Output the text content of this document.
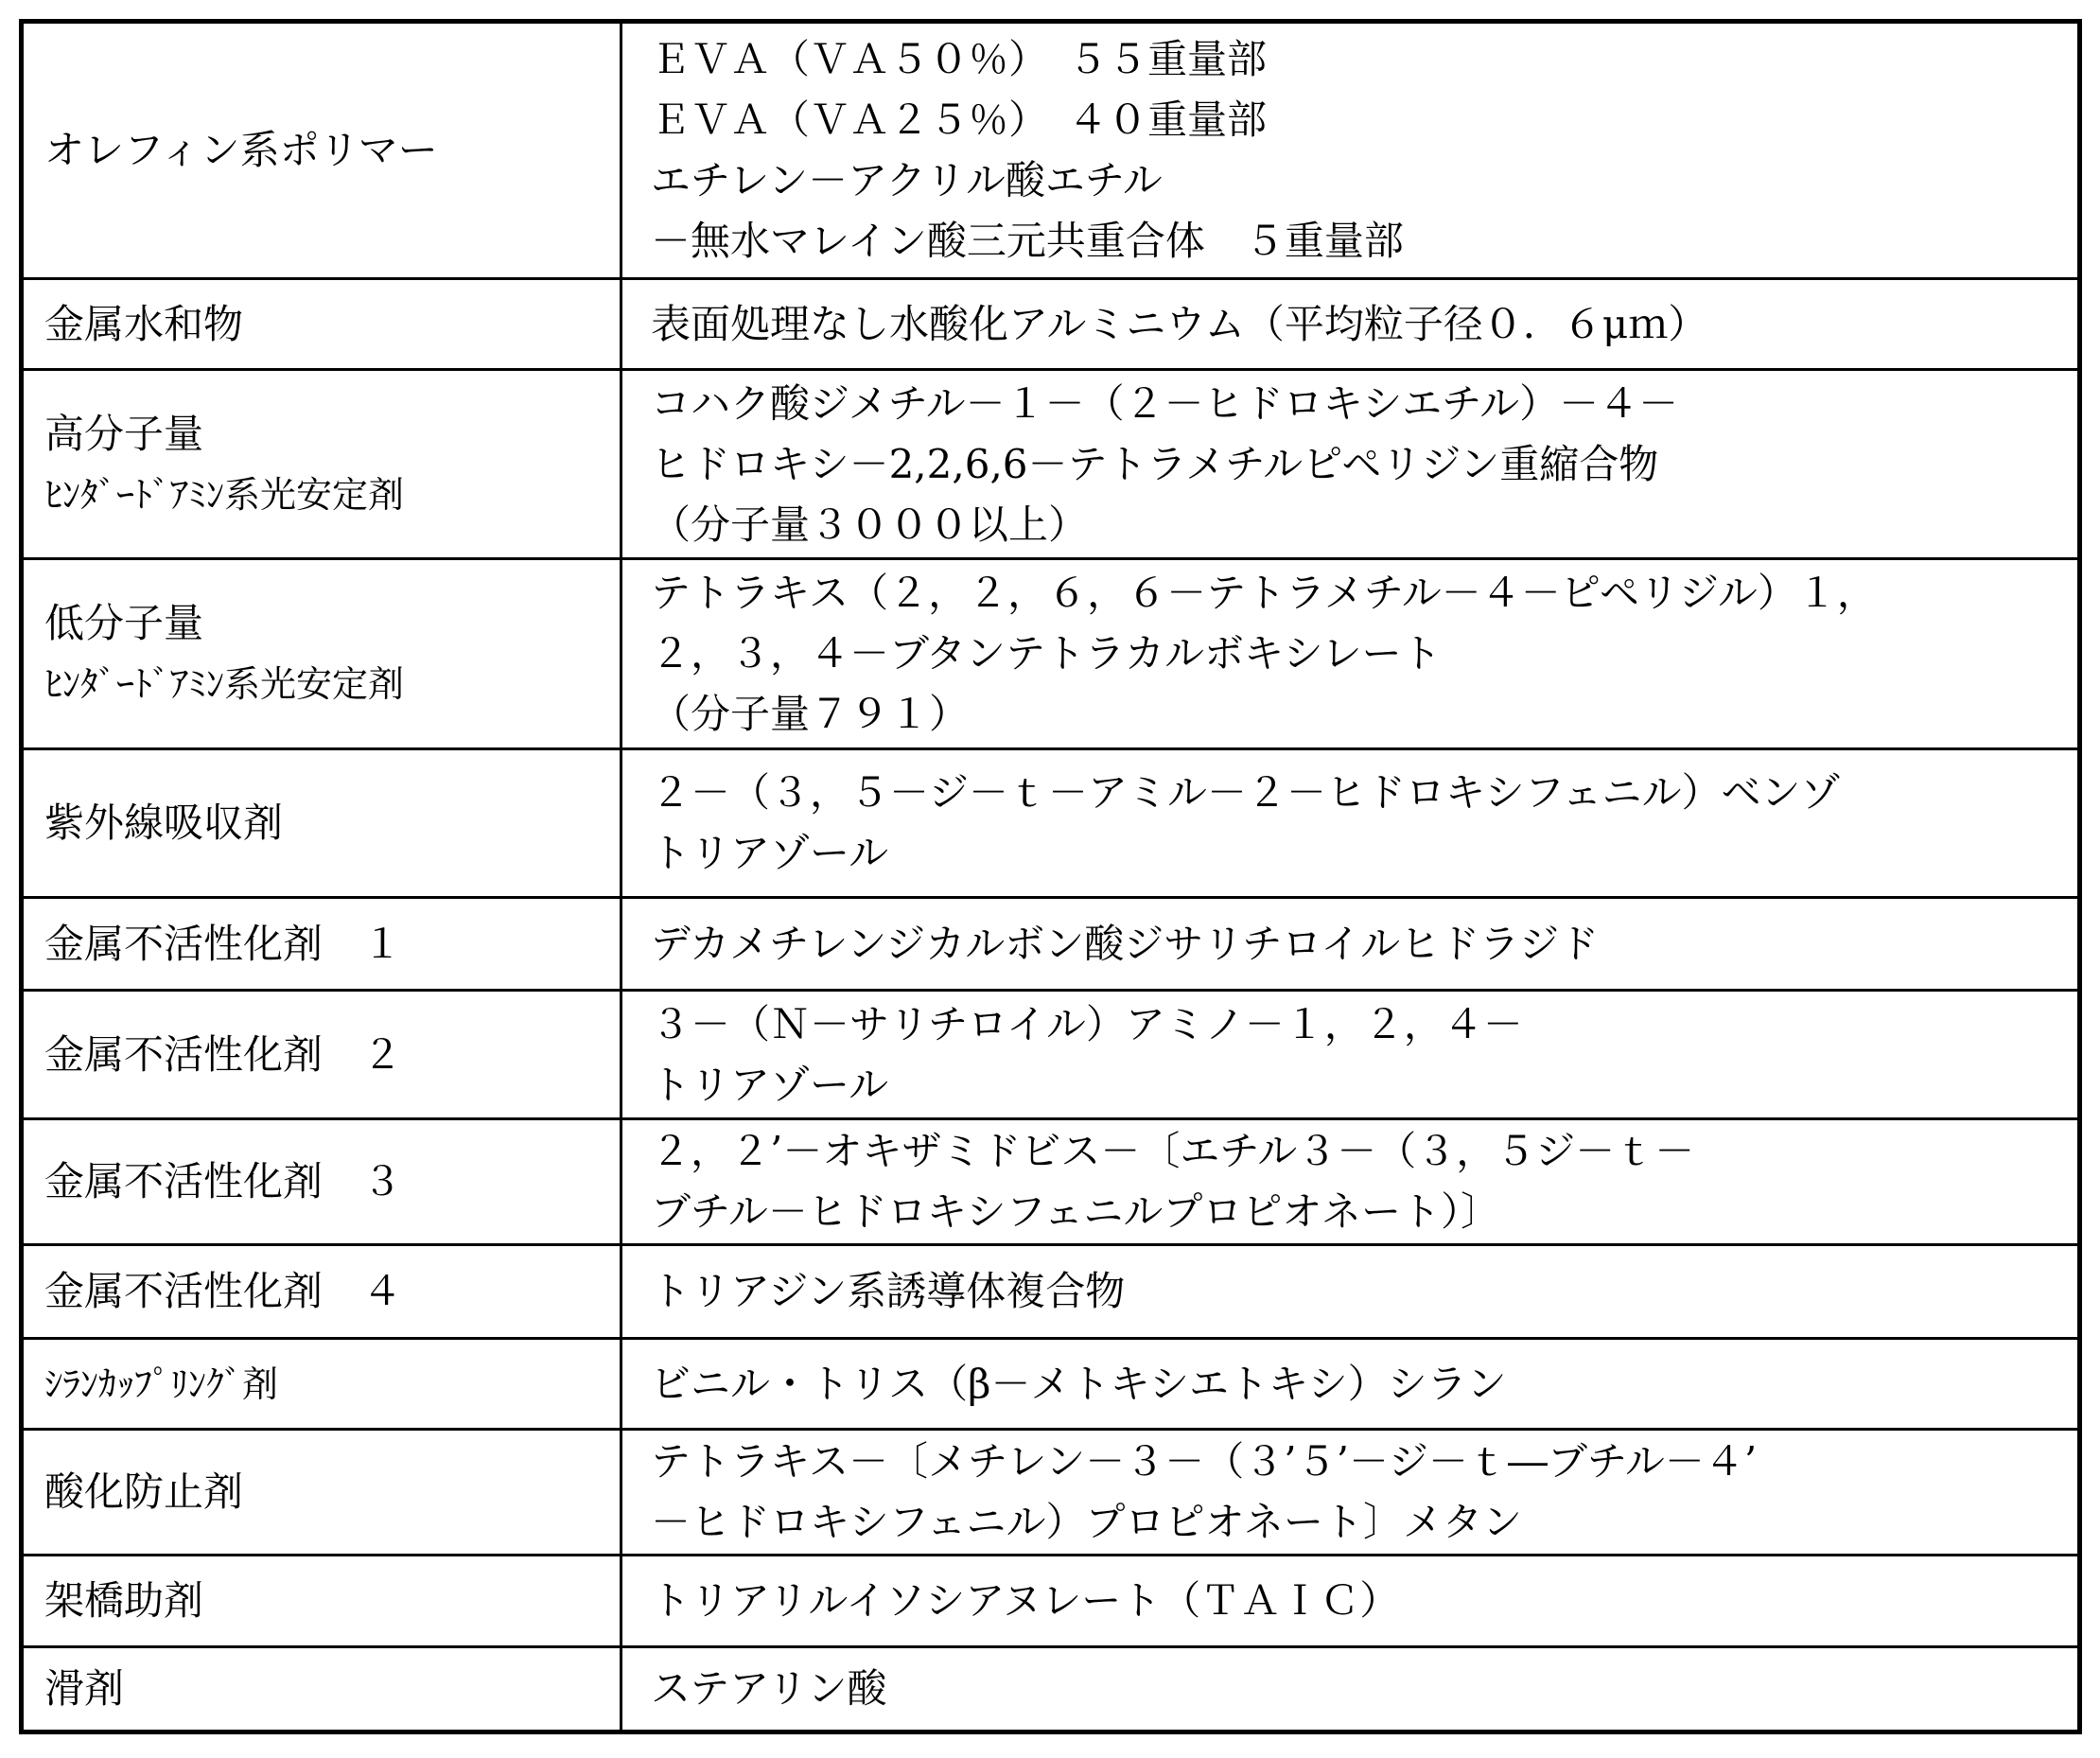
オレフィン系ポリマー
ＥＶＡ（ＶＡ５０％）　５５重量部
ＥＶＡ（ＶＡ２５％）　４０重量部
エチレン－アクリル酸エチル
－無水マレイン酸三元共重合体　５重量部
金属水和物	表面処理なし水酸化アルミニウム（平均粒子径０．６μｍ）
高分子量
ﾋﾝﾀﾞｰﾄﾞｱﾐﾝ系光安定剤
コハク酸ジメチル－１－（２－ヒドロキシエチル）－４－
ヒドロキシ－2,2,6,6－テトラメチルピペリジン重縮合物
（分子量３０００以上）
低分子量
ﾋﾝﾀﾞｰﾄﾞｱﾐﾝ系光安定剤
テトラキス（２，２，６，６－テトラメチル－４－ピペリジル）１，
２，３，４－ブタンテトラカルボキシレート
（分子量７９１）
紫外線吸収剤
２－（３，５－ジ－ｔ－アミル－２－ヒドロキシフェニル）ベンゾ
トリアゾール
金属不活性化剤　１	デカメチレンジカルボン酸ジサリチロイルヒドラジド
金属不活性化剤　２
３－（Ｎ－サリチロイル）アミノ－１，２，４－
トリアゾール
金属不活性化剤　３
２，２’－オキザミドビス－〔エチル３－（３，５ジ－ｔ－
ブチル－ヒドロキシフェニルプロピオネート）〕
金属不活性化剤　４	トリアジン系誘導体複合物
ｼﾗﾝｶｯﾌﾟﾘﾝｸﾞ剤	ビニル・トリス（β－メトキシエトキシ）シラン
酸化防止剤
テトラキス－〔メチレン－３－（３’５’－ジ－ｔ―ブチル－４’
－ヒドロキシフェニル）プロピオネート〕メタン
架橋助剤	トリアリルイソシアヌレート（ＴＡＩＣ）
滑剤	ステアリン酸
